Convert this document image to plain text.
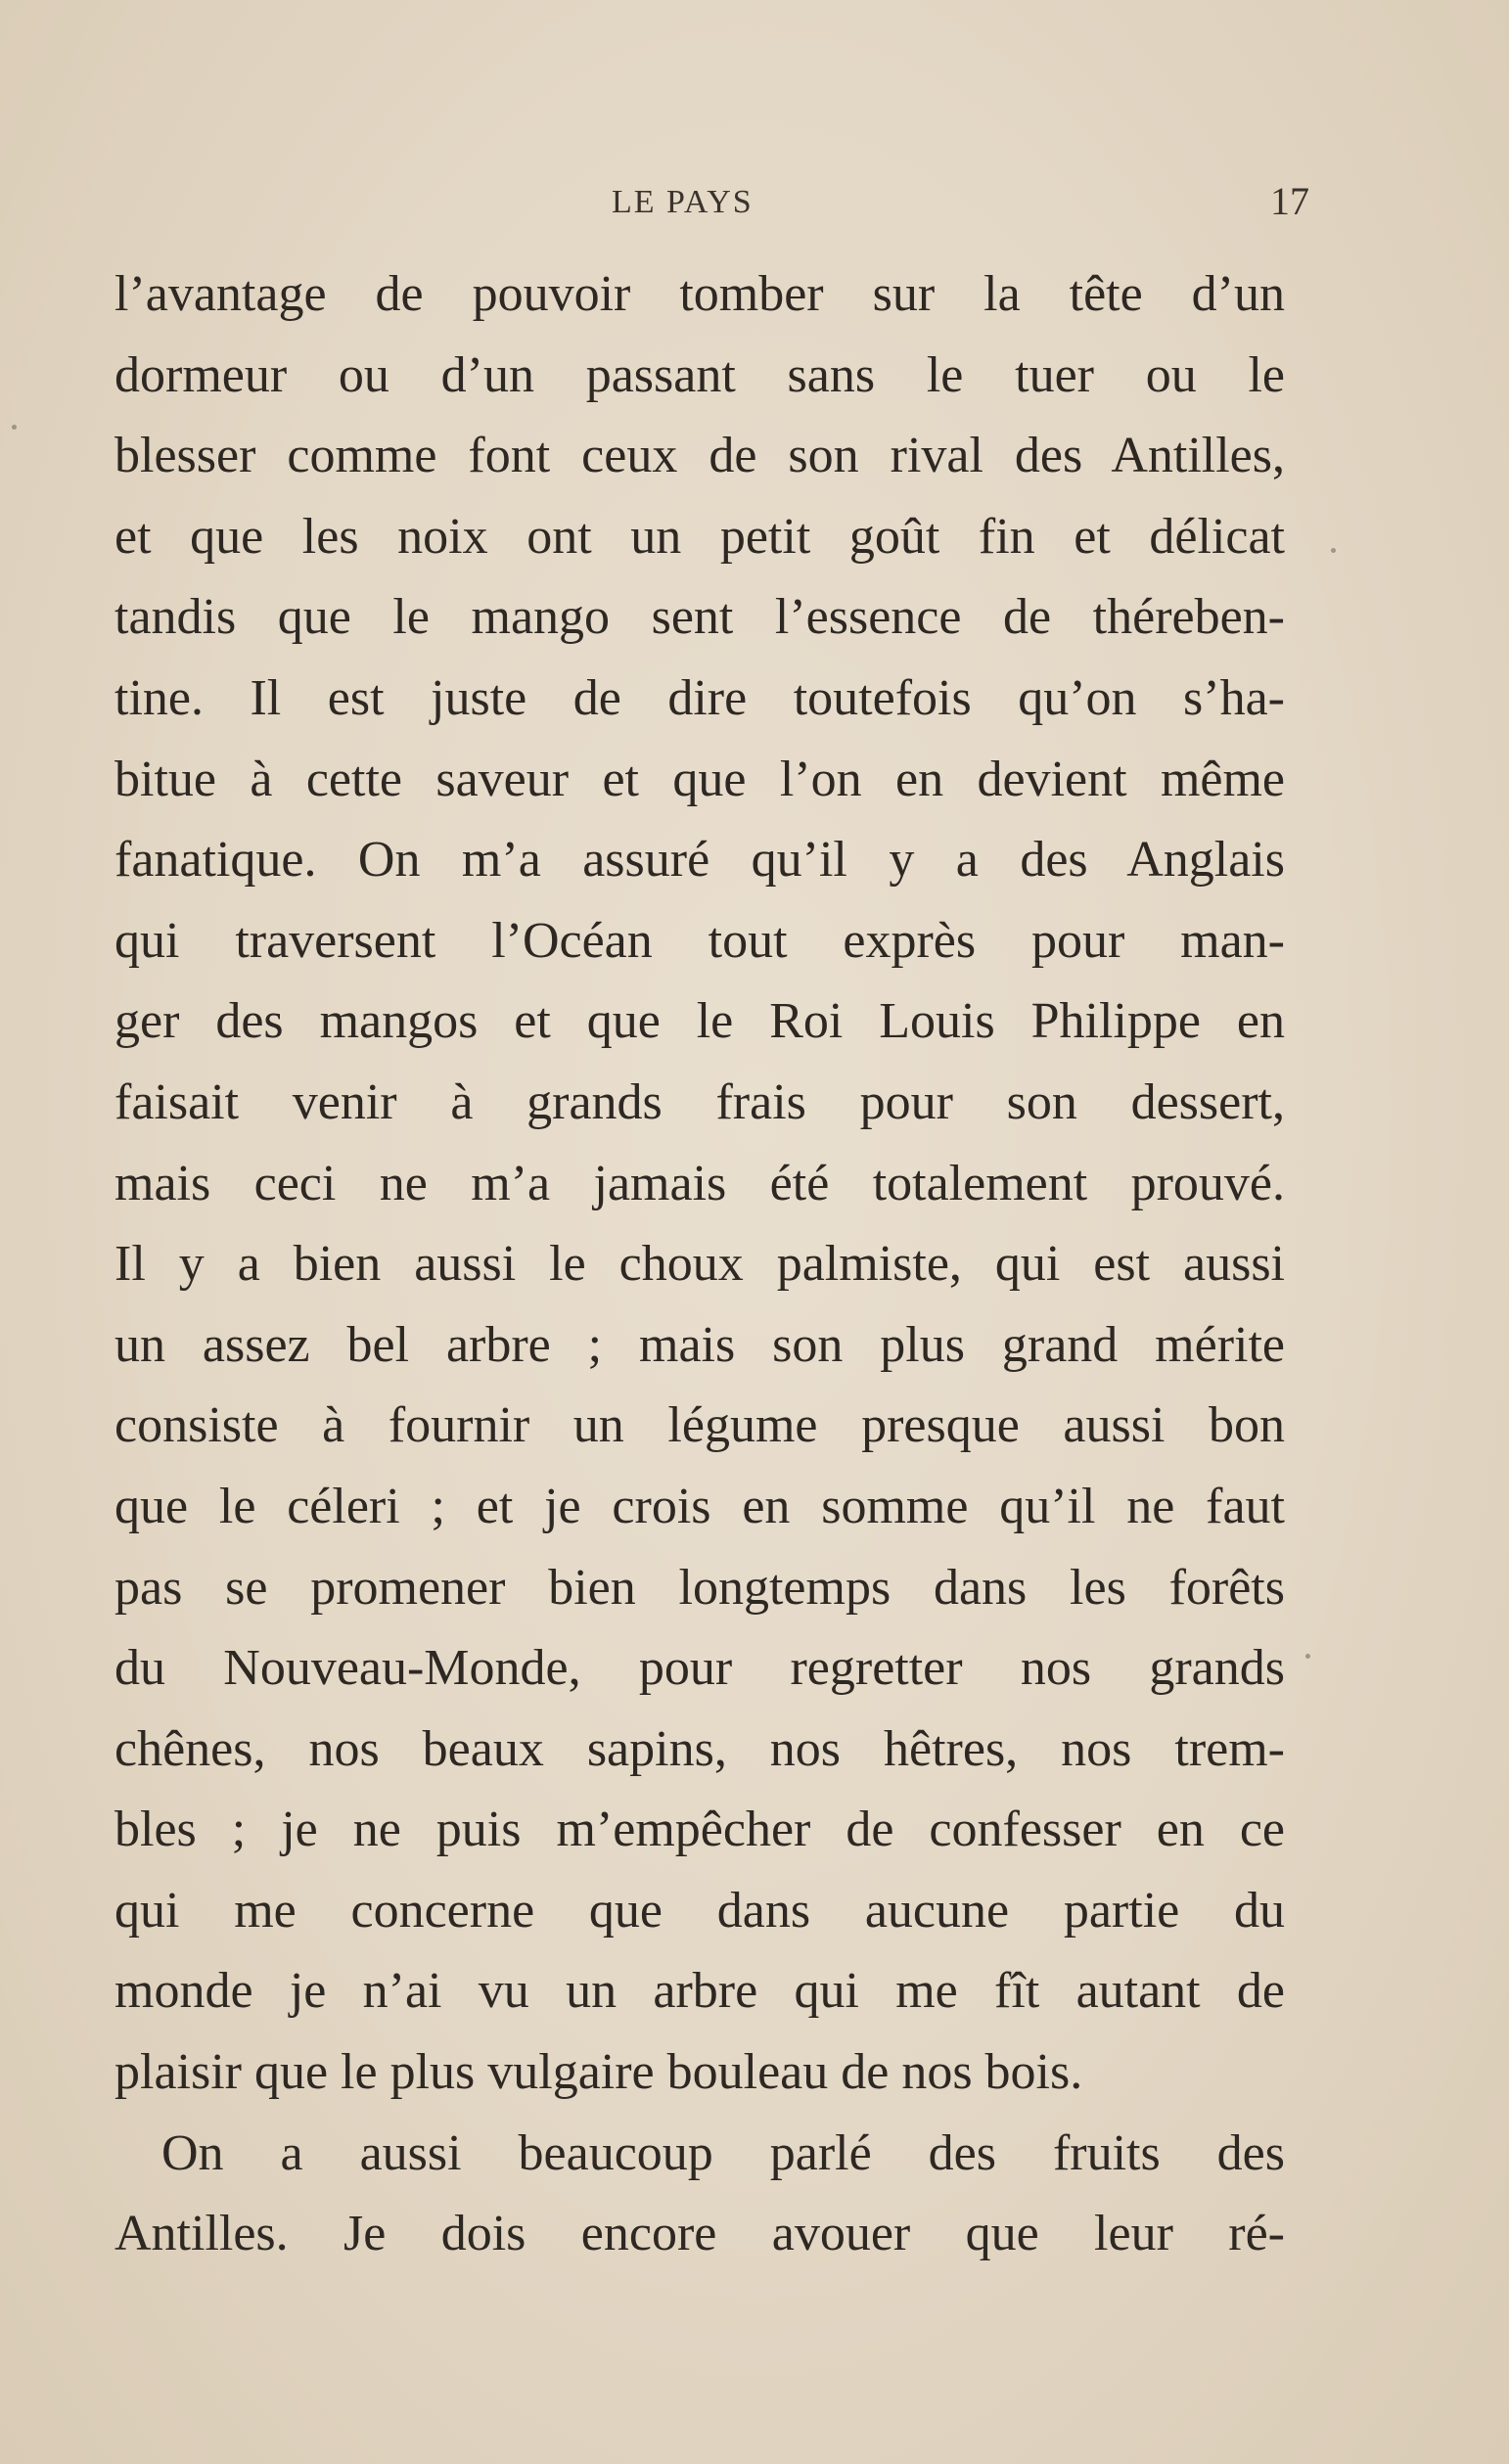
LE PAYS	17
l’avantage de pouvoir tomber sur la tête d’un
dormeur ou d’un passant sans le tuer ou le
blesser comme font ceux de son rival des Antilles,
et que les noix ont un petit goût fin et délicat
tandis que le mango sent l’essence de théreben-
tine. Il est juste de dire toutefois qu’on s’ha-
bitue à cette saveur et que l’on en devient même
fanatique. On m’a assuré qu’il y a des Anglais
qui traversent l’Océan tout exprès pour man-
ger des mangos et que le Roi Louis Philippe en
faisait venir à grands frais pour son dessert,
mais ceci ne m’a jamais été totalement prouvé.
Il y a bien aussi le choux palmiste, qui est aussi
un assez bel arbre ; mais son plus grand mérite
consiste à fournir un légume presque aussi bon
que le céleri ; et je crois en somme qu’il ne faut
pas se promener bien longtemps dans les forêts
du Nouveau-Monde, pour regretter nos grands
chênes, nos beaux sapins, nos hêtres, nos trem-
bles ; je ne puis m’empêcher de confesser en ce
qui me concerne que dans aucune partie du
monde je n’ai vu un arbre qui me fît autant de
plaisir que le plus vulgaire bouleau de nos bois.
On a aussi beaucoup parlé des fruits des
Antilles. Je dois encore avouer que leur ré-
